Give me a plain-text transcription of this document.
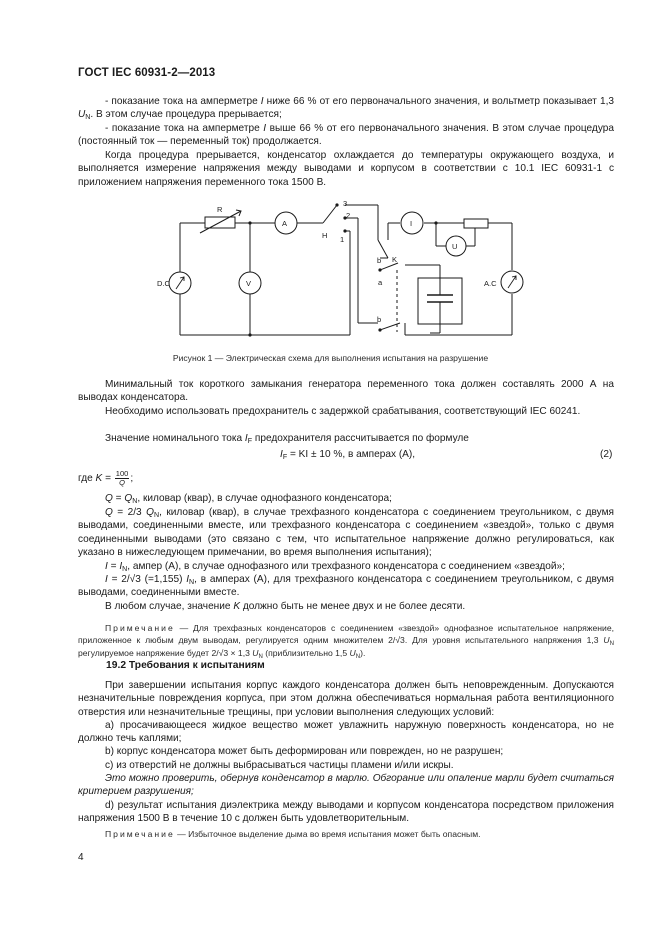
ГОСТ IEC 60931-2—2013
- показание тока на амперметре I ниже 66 % от его первоначального значения, и вольтметр показывает 1,3 $U_N$. В этом случае процедура прерывается;
- показание тока на амперметре I выше 66 % от его первоначального значения. В этом случае процедура (постоянный ток — переменный ток) продолжается.
Когда процедура прерывается, конденсатор охлаждается до температуры окружающего воздуха, и выполняется измерение напряжения между выводами и корпусом в соответствии с 10.1 IEC 60931-1 с приложением напряжения переменного тока 1500 В.
R
A
H 1
2
3
I
U
K
a
b
b
D.C	V	A.C
Рисунок 1 — Электрическая схема для выполнения испытания на разрушение
Минимальный ток короткого замыкания генератора переменного тока должен составлять 2000 А на выводах конденсатора.
Необходимо использовать предохранитель с задержкой срабатывания, соответствующий IEC 60241.
Значение номинального тока $I_F$ предохранителя рассчитывается по формуле
$I_F$ = KI ± 10 %, в амперах (A),	(2)
где $K = \frac{100}{Q}$ ;
$Q = Q_N$, киловар (квар), в случае однофазного конденсатора;
Q = 2/3 $Q_N$, киловар (квар), в случае трехфазного конденсатора с соединением треугольником, с двумя выводами, соединенными вместе, или трехфазного конденсатора с соединением «звездой», только с двумя соединенными выводами (это связано с тем, что испытательное напряжение должно регулироваться, как указано в нижеследующем примечании, во время выполнения испытания);
$I = I_N$, ампер (А), в случае однофазного или трехфазного конденсатора с соединением «звездой»;
I = 2/√3 (=1,155) $I_N$, в амперах (А), для трехфазного конденсатора с соединением треугольником, с двумя выводами, соединенными вместе.
В любом случае, значение K должно быть не менее двух и не более десяти.
Примечание — Для трехфазных конденсаторов с соединением «звездой» однофазное испытательное напряжение, приложенное к любым двум выводам, регулируется одним множителем 2/√3. Для уровня испытательного напряжения 1,3 $U_N$ регулируемое напряжение будет 2/√3 × 1,3 $U_N$ (приблизительно 1,5 $U_N$).
19.2 Требования к испытаниям
При завершении испытания корпус каждого конденсатора должен быть неповрежденным. Допускаются незначительные повреждения корпуса, при этом должна обеспечиваться нормальная работа вентиляционного отверстия или незначительные трещины, при условии выполнения следующих условий:
a) просачивающееся жидкое вещество может увлажнить наружную поверхность конденсатора, но не должно течь каплями;
b) корпус конденсатора может быть деформирован или поврежден, но не разрушен;
c) из отверстий не должны выбрасываться частицы пламени и/или искры.
Это можно проверить, обернув конденсатор в марлю. Обгорание или опаление марли будет считаться критерием разрушения;
d) результат испытания диэлектрика между выводами и корпусом конденсатора посредством приложения напряжения 1500 В в течение 10 с должен быть удовлетворительным.
Примечание — Избыточное выделение дыма во время испытания может быть опасным.
4
